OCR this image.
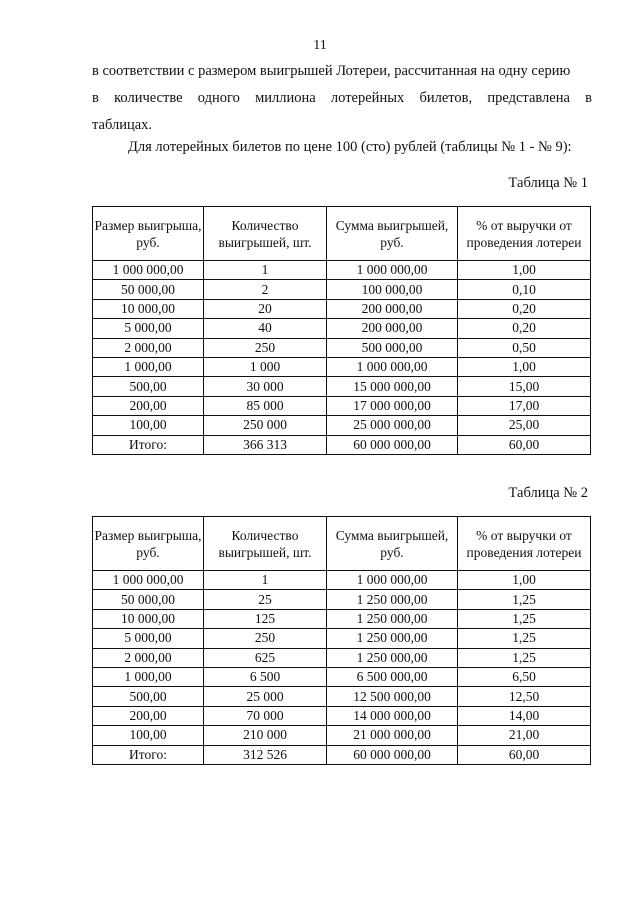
11
в соответствии с размером выигрышей Лотереи, рассчитанная на одну серию
в количестве одного миллиона лотерейных билетов, представлена в
таблицах.
Для лотерейных билетов по цене 100 (сто) рублей (таблицы № 1 - № 9):
Таблица № 1
Размер выигрыша, руб.	Количество выигрышей, шт.	Сумма выигрышей, руб.	% от выручки от проведения лотереи
1 000 000,00	1	1 000 000,00	1,00
50 000,00	2	100 000,00	0,10
10 000,00	20	200 000,00	0,20
5 000,00	40	200 000,00	0,20
2 000,00	250	500 000,00	0,50
1 000,00	1 000	1 000 000,00	1,00
500,00	30 000	15 000 000,00	15,00
200,00	85 000	17 000 000,00	17,00
100,00	250 000	25 000 000,00	25,00
Итого:	366 313	60 000 000,00	60,00
Таблица № 2
Размер выигрыша, руб.	Количество выигрышей, шт.	Сумма выигрышей, руб.	% от выручки от проведения лотереи
1 000 000,00	1	1 000 000,00	1,00
50 000,00	25	1 250 000,00	1,25
10 000,00	125	1 250 000,00	1,25
5 000,00	250	1 250 000,00	1,25
2 000,00	625	1 250 000,00	1,25
1 000,00	6 500	6 500 000,00	6,50
500,00	25 000	12 500 000,00	12,50
200,00	70 000	14 000 000,00	14,00
100,00	210 000	21 000 000,00	21,00
Итого:	312 526	60 000 000,00	60,00
